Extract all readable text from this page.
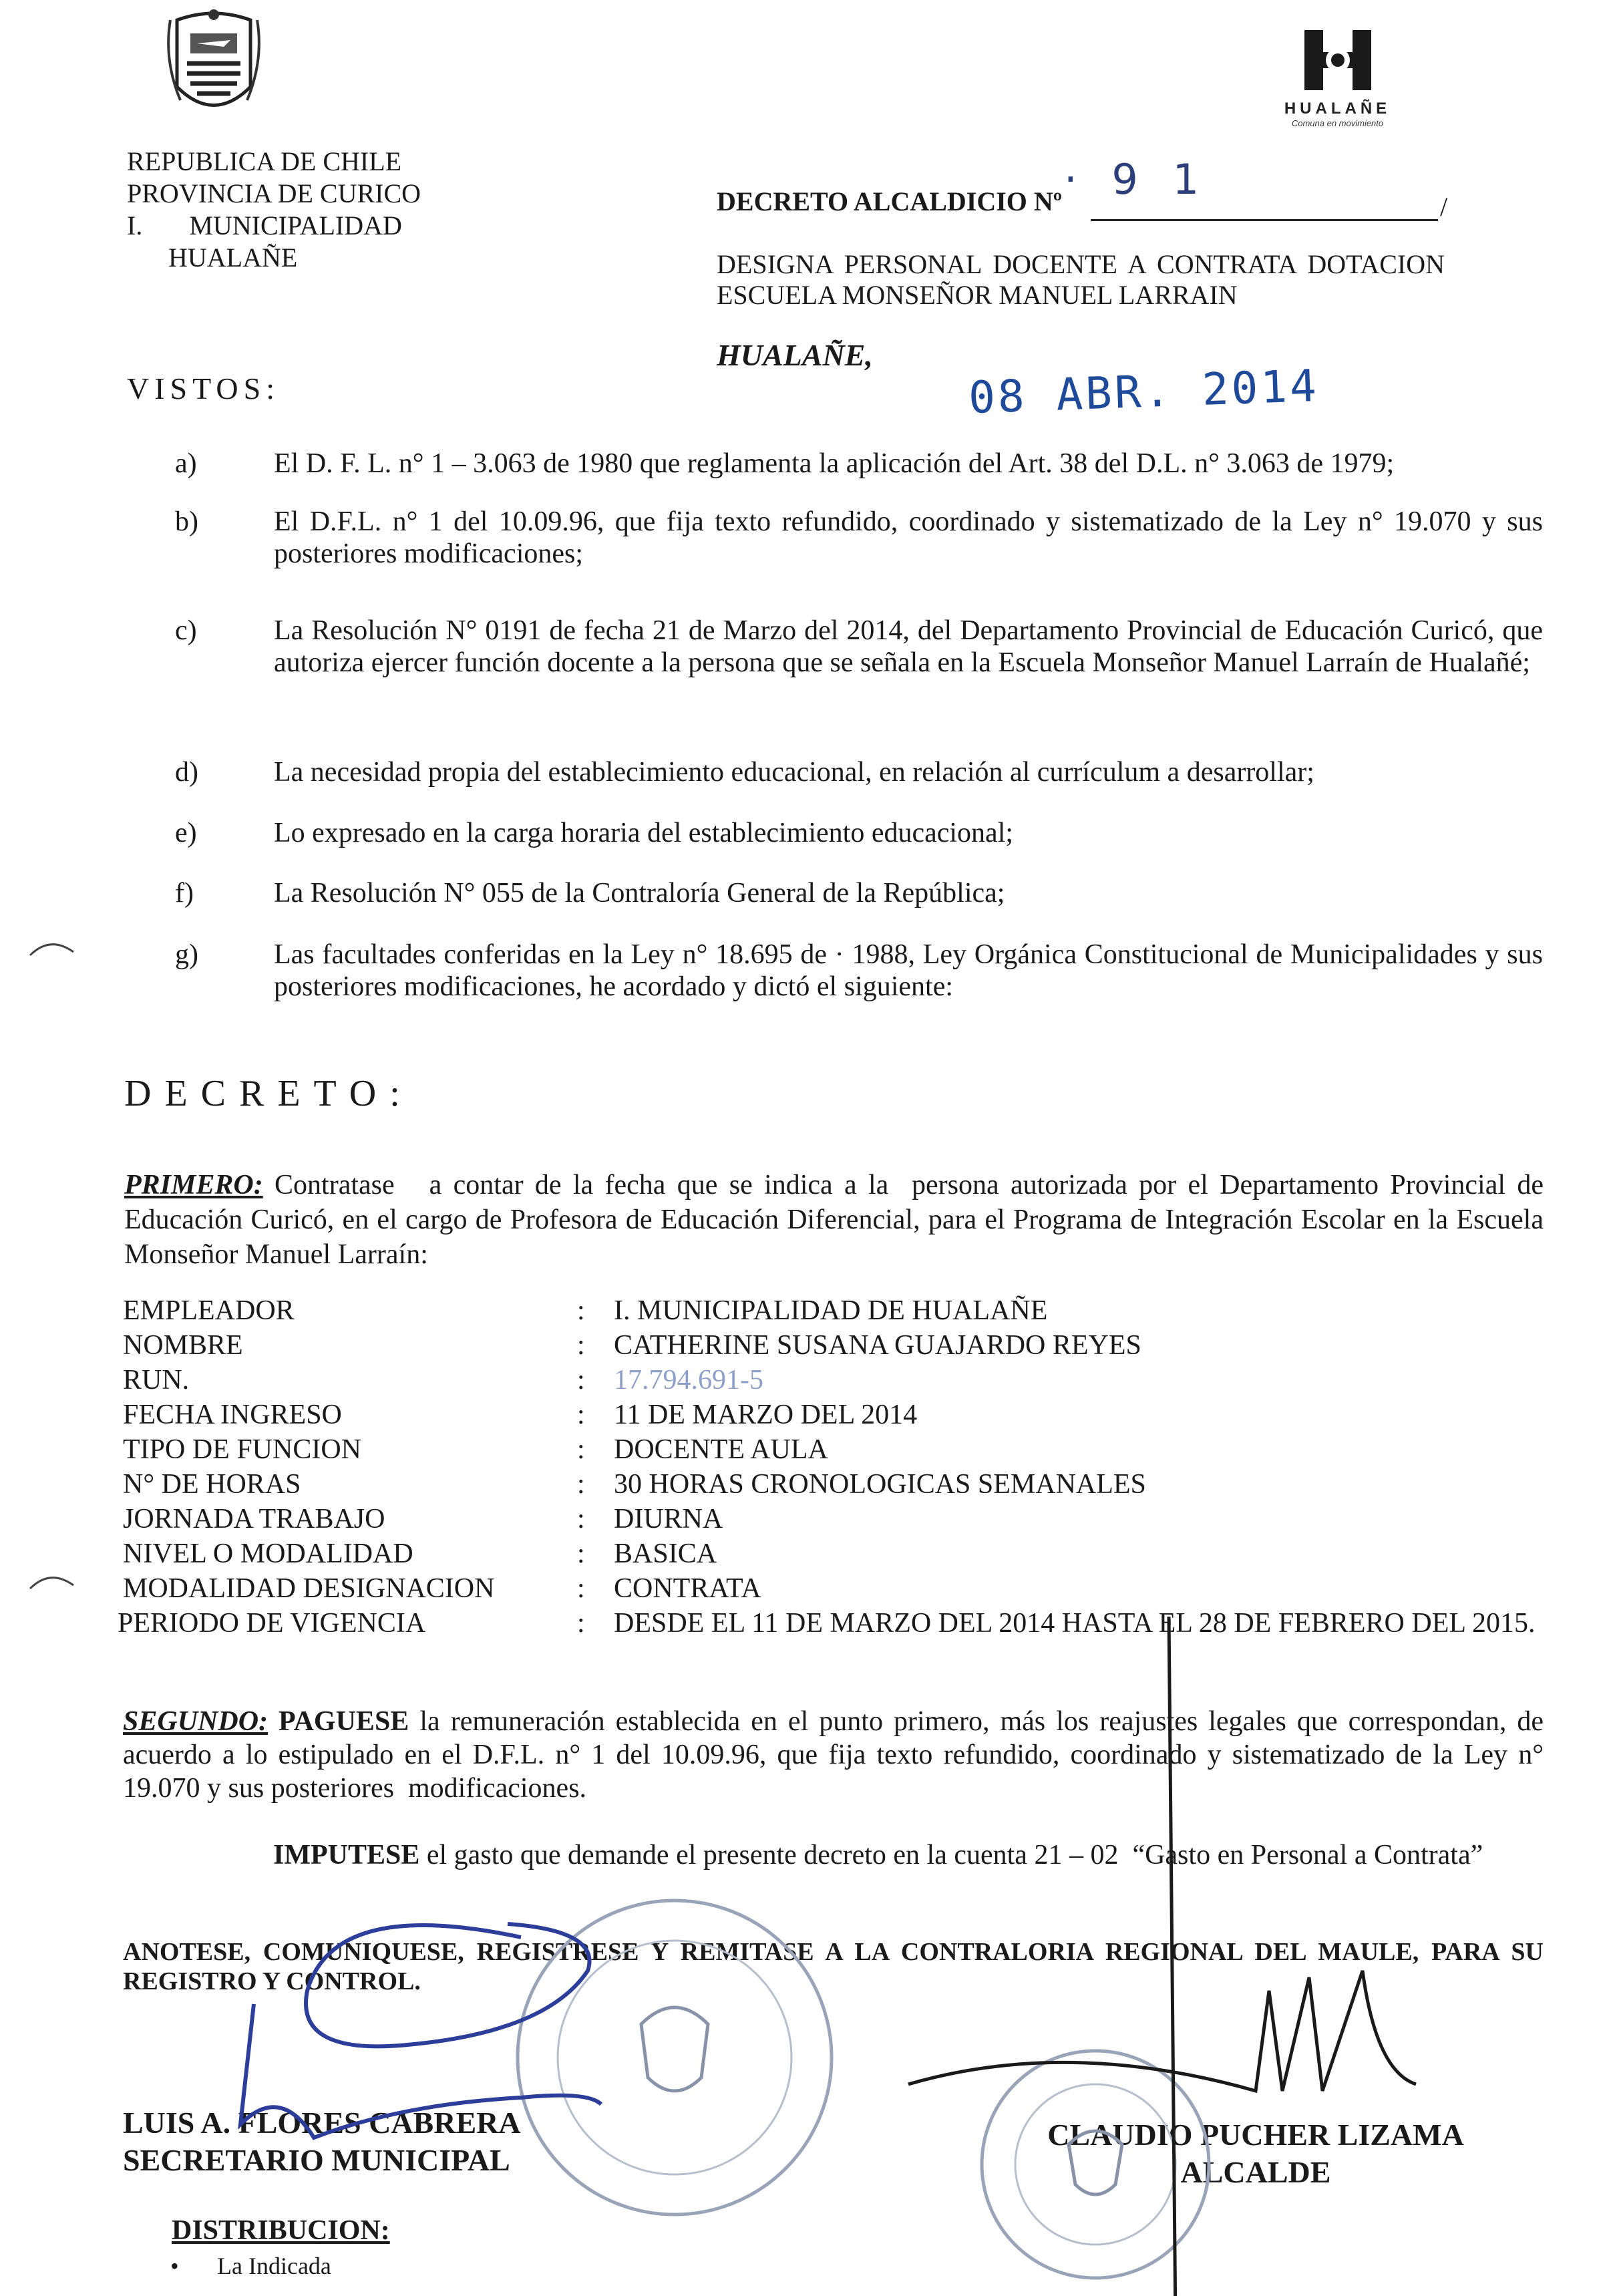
HUALAÑE
Comuna en movimiento
REPUBLICA DE CHILE
PROVINCIA DE CURICO
I.       MUNICIPALIDAD
HUALAÑE
DECRETO ALCALDICIO Nº · 9 1
/
DESIGNA PERSONAL DOCENTE A CONTRATA DOTACION ESCUELA MONSEÑOR MANUEL LARRAIN
HUALAÑE,
08 ABR. 2014
VISTOS:
a)	El D. F. L. n° 1 – 3.063 de 1980 que reglamenta la aplicación del Art. 38 del D.L. n° 3.063 de 1979;
b)	El D.F.L. n° 1 del 10.09.96, que fija texto refundido, coordinado y sistematizado de la Ley n° 19.070 y sus posteriores modificaciones;
c)	La Resolución N° 0191 de fecha 21 de Marzo del 2014, del Departamento Provincial de Educación Curicó, que autoriza ejercer función docente a la persona que se señala en la Escuela Monseñor Manuel Larraín de Hualañé;
d)	La necesidad propia del establecimiento educacional, en relación al currículum a desarrollar;
e)	Lo expresado en la carga horaria del establecimiento educacional;
f)	La Resolución N° 055 de la Contraloría General de la República;
g)	Las facultades conferidas en la Ley n° 18.695 de · 1988, Ley Orgánica Constitucional de Municipalidades y sus posteriores modificaciones, he acordado y dictó el siguiente:
DECRETO:
PRIMERO: Contratase   a contar de la fecha que se indica a la  persona autorizada por el Departamento Provincial de Educación Curicó, en el cargo de Profesora de Educación Diferencial, para el Programa de Integración Escolar en la Escuela Monseñor Manuel Larraín:
EMPLEADOR	: I. MUNICIPALIDAD DE HUALAÑE
NOMBRE	: CATHERINE SUSANA GUAJARDO REYES
RUN.	: 17.794.691-5
FECHA INGRESO	: 11 DE MARZO DEL 2014
TIPO DE FUNCION	: DOCENTE AULA
N° DE HORAS	: 30 HORAS CRONOLOGICAS SEMANALES
JORNADA TRABAJO	: DIURNA
NIVEL O MODALIDAD	: BASICA
MODALIDAD DESIGNACION	: CONTRATA
PERIODO DE VIGENCIA	: DESDE EL 11 DE MARZO DEL 2014 HASTA EL 28 DE FEBRERO DEL 2015.
SEGUNDO: PAGUESE la remuneración establecida en el punto primero, más los reajustes legales que correspondan, de acuerdo a lo estipulado en el D.F.L. n° 1 del 10.09.96, que fija texto refundido, coordinado y sistematizado de la Ley n° 19.070 y sus posteriores  modificaciones.
IMPUTESE el gasto que demande el presente decreto en la cuenta 21 – 02  “Gasto en Personal a Contrata”
ANOTESE, COMUNIQUESE, REGISTRESE Y REMITASE A LA CONTRALORIA REGIONAL DEL MAULE, PARA SU REGISTRO Y CONTROL.
LUIS A. FLORES CABRERA
SECRETARIO MUNICIPAL
CLAUDIO PUCHER LIZAMA
ALCALDE
DISTRIBUCION:
• La Indicada
